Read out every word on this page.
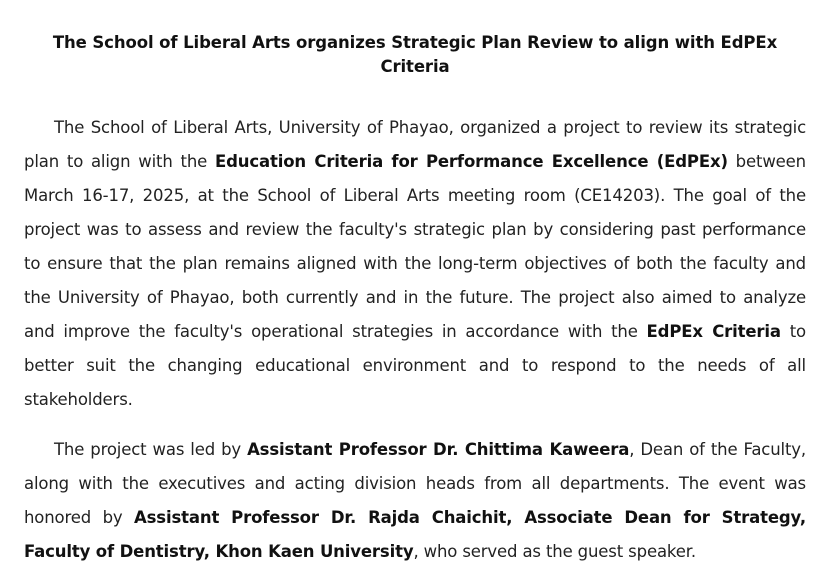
The School of Liberal Arts organizes Strategic Plan Review to align with EdPEx Criteria

The School of Liberal Arts, University of Phayao, organized a project to review its strategic plan to align with the Education Criteria for Performance Excellence (EdPEx) between March 16-17, 2025, at the School of Liberal Arts meeting room (CE14203). The goal of the project was to assess and review the faculty's strategic plan by considering past performance to ensure that the plan remains aligned with the long-term objectives of both the faculty and the University of Phayao, both currently and in the future. The project also aimed to analyze and improve the faculty's operational strategies in accordance with the EdPEx Criteria to better suit the changing educational environment and to respond to the needs of all stakeholders.

The project was led by Assistant Professor Dr. Chittima Kaweera, Dean of the Faculty, along with the executives and acting division heads from all departments. The event was honored by Assistant Professor Dr. Rajda Chaichit, Associate Dean for Strategy, Faculty of Dentistry, Khon Kaen University, who served as the guest speaker.
